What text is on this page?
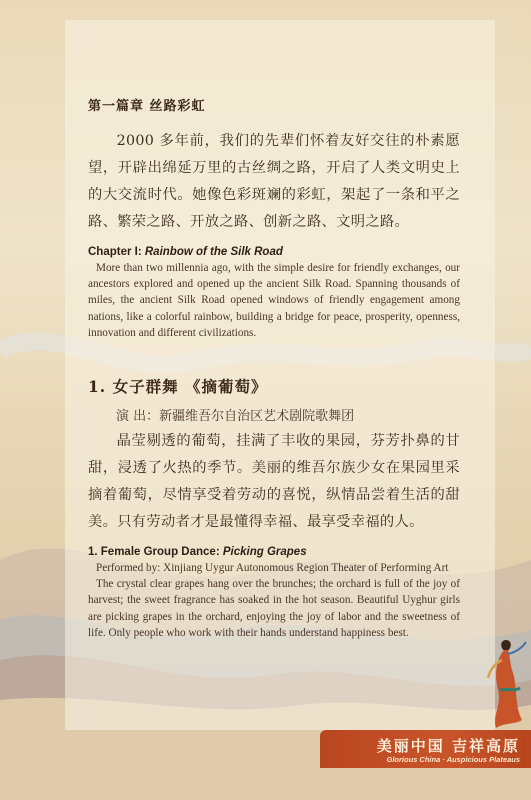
第一篇章 丝路彩虹

2000 多年前，我们的先辈们怀着友好交往的朴素愿望，开辟出绵延万里的古丝绸之路，开启了人类文明史上的大交流时代。她像色彩斑斓的彩虹，架起了一条和平之路、繁荣之路、开放之路、创新之路、文明之路。

Chapter I: Rainbow of the Silk Road

More than two millennia ago, with the simple desire for friendly exchanges, our ancestors explored and opened up the ancient Silk Road. Spanning thousands of miles, the ancient Silk Road opened windows of friendly engagement among nations, like a colorful rainbow, building a bridge for peace, prosperity, openness, innovation and different civilizations.

1. 女子群舞 《摘葡萄》

演 出：新疆维吾尔自治区艺术剧院歌舞团

晶莹剔透的葡萄，挂满了丰收的果园，芬芳扑鼻的甘甜，浸透了火热的季节。美丽的维吾尔族少女在果园里采摘着葡萄，尽情享受着劳动的喜悦，纵情品尝着生活的甜美。只有劳动者才是最懂得幸福、最享受幸福的人。

1. Female Group Dance: Picking Grapes

Performed by: Xinjiang Uygur Autonomous Region Theater of Performing Art

The crystal clear grapes hang over the brunches; the orchard is full of the joy of harvest; the sweet fragrance has soaked in the hot season. Beautiful Uyghur girls are picking grapes in the orchard, enjoying the joy of labor and the sweetness of life. Only people who work with their hands understand happiness best.

美丽中国 吉祥高原
Glorious China · Auspicious Plateaus
